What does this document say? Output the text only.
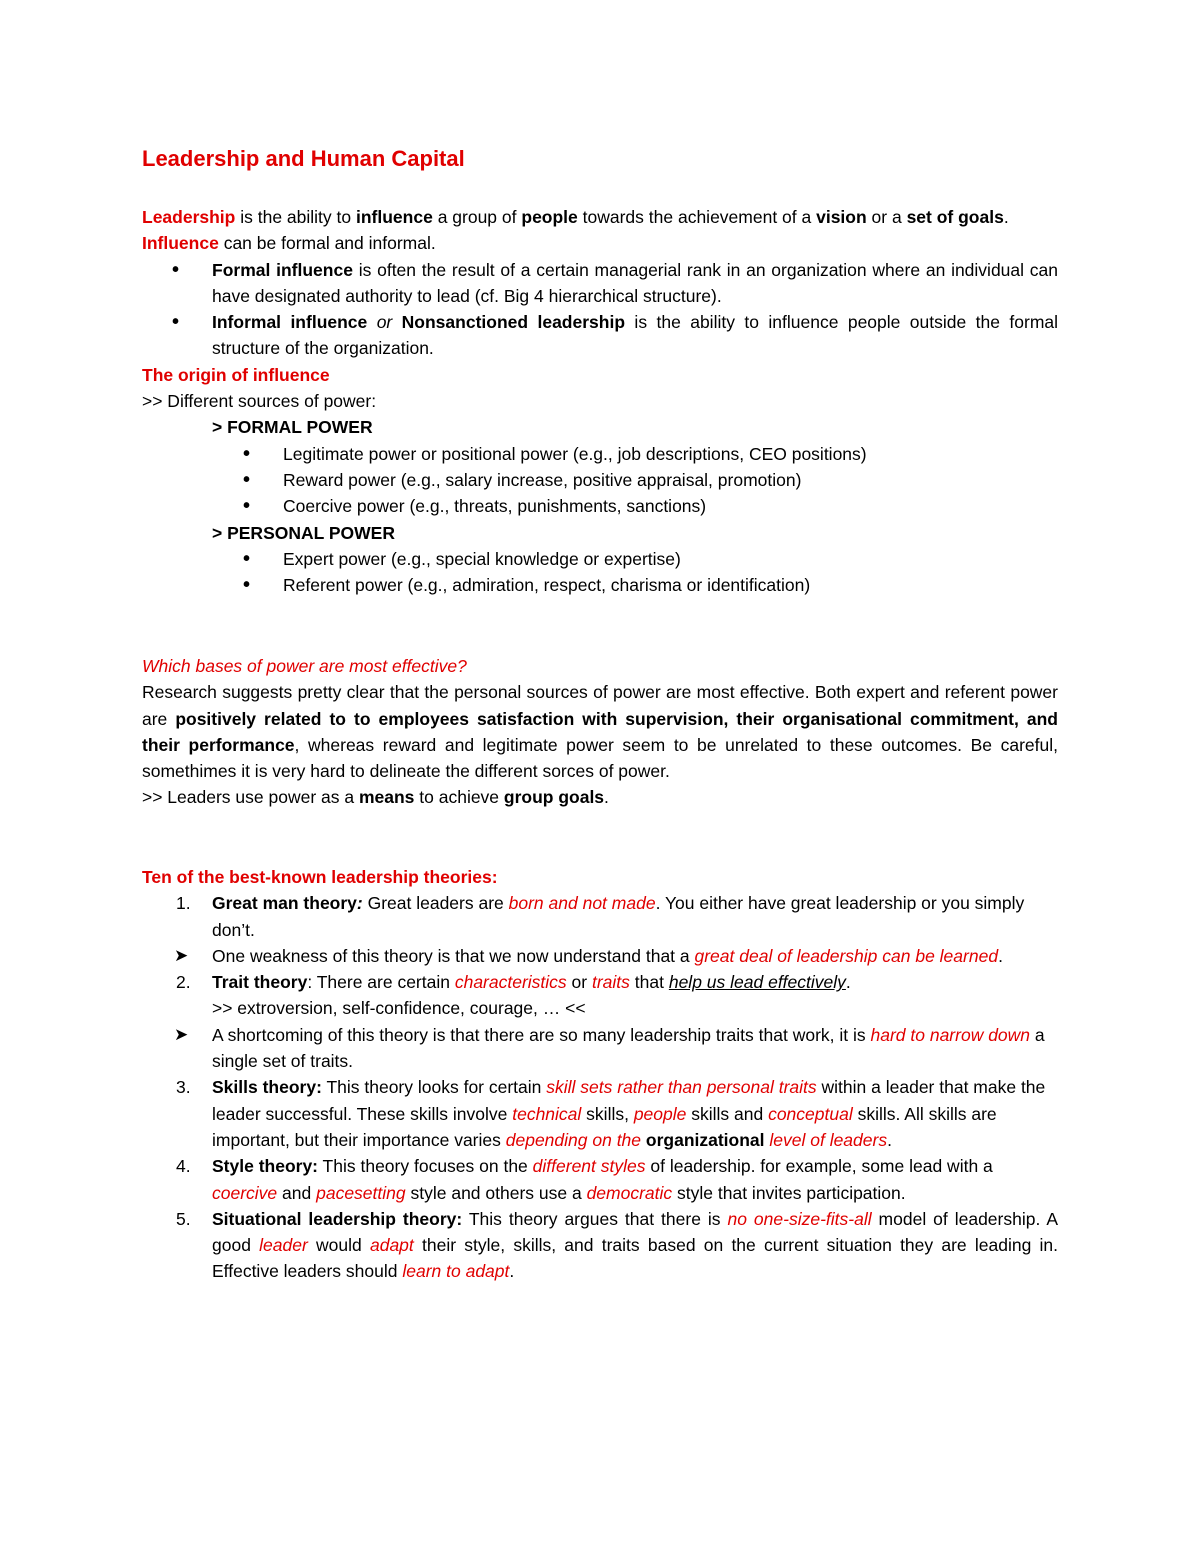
Leadership and Human Capital

Leadership is the ability to influence a group of people towards the achievement of a vision or a set of goals.

Influence can be formal and informal.

• Formal influence is often the result of a certain managerial rank in an organization where an individual can have designated authority to lead (cf. Big 4 hierarchical structure).
• Informal influence or Nonsanctioned leadership is the ability to influence people outside the formal structure of the organization.

The origin of influence

>> Different sources of power:

> FORMAL POWER
• Legitimate power or positional power (e.g., job descriptions, CEO positions)
• Reward power (e.g., salary increase, positive appraisal, promotion)
• Coercive power (e.g., threats, punishments, sanctions)
> PERSONAL POWER
• Expert power (e.g., special knowledge or expertise)
• Referent power (e.g., admiration, respect, charisma or identification)

Which bases of power are most effective?

Research suggests pretty clear that the personal sources of power are most effective. Both expert and referent power are positively related to to employees satisfaction with supervision, their organisational commitment, and their performance, whereas reward and legitimate power seem to be unrelated to these outcomes. Be careful, somethimes it is very hard to delineate the different sorces of power.

>> Leaders use power as a means to achieve group goals.

Ten of the best-known leadership theories:

1. Great man theory: Great leaders are born and not made. You either have great leadership or you simply don’t.
➤ One weakness of this theory is that we now understand that a great deal of leadership can be learned.
2. Trait theory: There are certain characteristics or traits that help us lead effectively.
>> extroversion, self-confidence, courage, … <<
➤ A shortcoming of this theory is that there are so many leadership traits that work, it is hard to narrow down a single set of traits.
3. Skills theory: This theory looks for certain skill sets rather than personal traits within a leader that make the leader successful. These skills involve technical skills, people skills and conceptual skills. All skills are important, but their importance varies depending on the organizational level of leaders.
4. Style theory: This theory focuses on the different styles of leadership. for example, some lead with a coercive and pacesetting style and others use a democratic style that invites participation.
5. Situational leadership theory: This theory argues that there is no one-size-fits-all model of leadership. A good leader would adapt their style, skills, and traits based on the current situation they are leading in. Effective leaders should learn to adapt.
